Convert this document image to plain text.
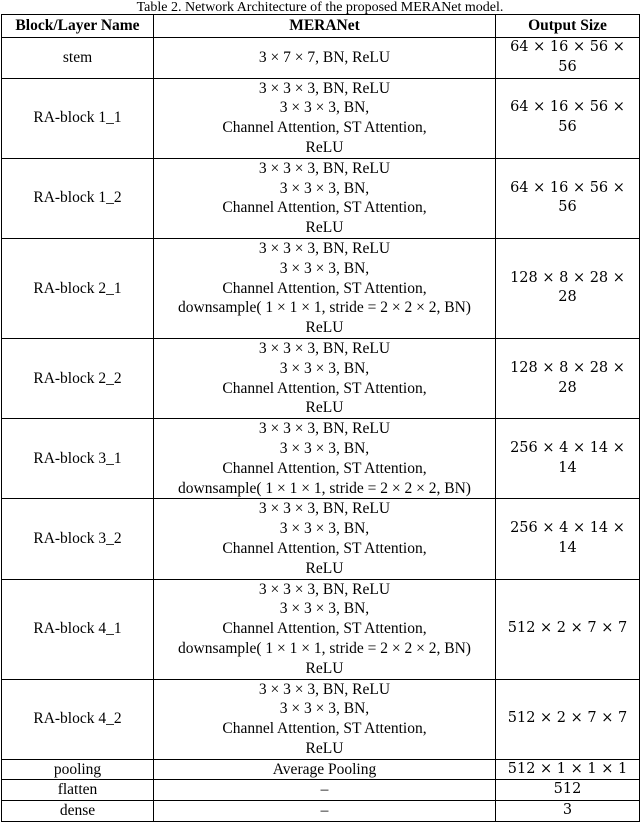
Table 2. Network Architecture of the proposed MERANet model.
Block/Layer Name	MERANet	Output Size
stem	3 × 7 × 7, BN, ReLU	64 × 16 × 56 × 56
RA-block 1_1	3 × 3 × 3, BN, ReLU
3 × 3 × 3, BN,
Channel Attention, ST Attention,
ReLU	64 × 16 × 56 × 56
RA-block 1_2	3 × 3 × 3, BN, ReLU
3 × 3 × 3, BN,
Channel Attention, ST Attention,
ReLU	64 × 16 × 56 × 56
RA-block 2_1	3 × 3 × 3, BN, ReLU
3 × 3 × 3, BN,
Channel Attention, ST Attention,
downsample( 1 × 1 × 1, stride = 2 × 2 × 2, BN)
ReLU	128 × 8 × 28 × 28
RA-block 2_2	3 × 3 × 3, BN, ReLU
3 × 3 × 3, BN,
Channel Attention, ST Attention,
ReLU	128 × 8 × 28 × 28
RA-block 3_1	3 × 3 × 3, BN, ReLU
3 × 3 × 3, BN,
Channel Attention, ST Attention,
downsample( 1 × 1 × 1, stride = 2 × 2 × 2, BN)	256 × 4 × 14 × 14
RA-block 3_2	3 × 3 × 3, BN, ReLU
3 × 3 × 3, BN,
Channel Attention, ST Attention,
ReLU	256 × 4 × 14 × 14
RA-block 4_1	3 × 3 × 3, BN, ReLU
3 × 3 × 3, BN,
Channel Attention, ST Attention,
downsample( 1 × 1 × 1, stride = 2 × 2 × 2, BN)
ReLU	512 × 2 × 7 × 7
RA-block 4_2	3 × 3 × 3, BN, ReLU
3 × 3 × 3, BN,
Channel Attention, ST Attention,
ReLU	512 × 2 × 7 × 7
pooling	Average Pooling	512 × 1 × 1 × 1
flatten	–	512
dense	–	3
